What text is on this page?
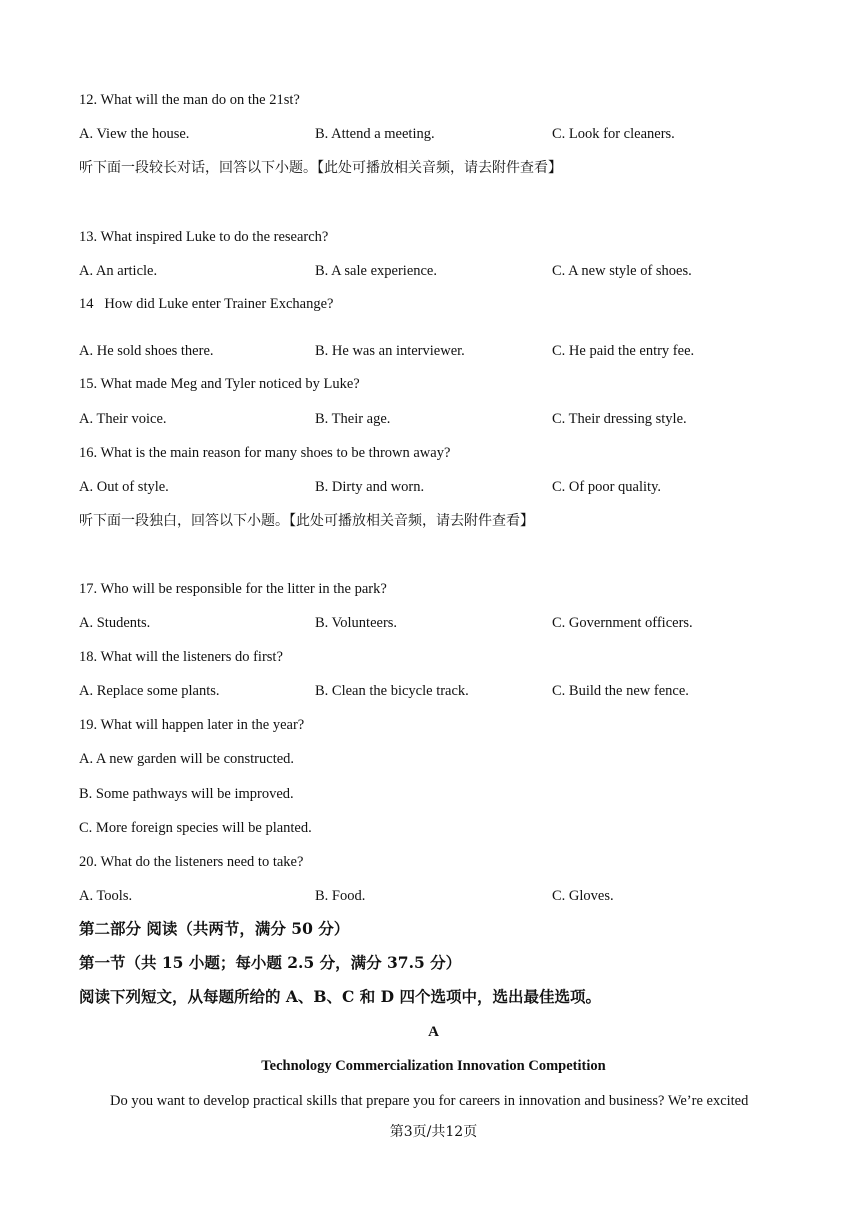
12. What will the man do on the 21st?
A. View the house.	B. Attend a meeting.	C. Look for cleaners.
听下面一段较长对话，回答以下小题。【此处可播放相关音频，请去附件查看】
13. What inspired Luke to do the research?
A. An article.	B. A sale experience.	C. A new style of shoes.
14   How did Luke enter Trainer Exchange?
A. He sold shoes there.	B. He was an interviewer.	C. He paid the entry fee.
15. What made Meg and Tyler noticed by Luke?
A. Their voice.	B. Their age.	C. Their dressing style.
16. What is the main reason for many shoes to be thrown away?
A. Out of style.	B. Dirty and worn.	C. Of poor quality.
听下面一段独白，回答以下小题。【此处可播放相关音频，请去附件查看】
17. Who will be responsible for the litter in the park?
A. Students.	B. Volunteers.	C. Government officers.
18. What will the listeners do first?
A. Replace some plants.	B. Clean the bicycle track.	C. Build the new fence.
19. What will happen later in the year?
A. A new garden will be constructed.
B. Some pathways will be improved.
C. More foreign species will be planted.
20. What do the listeners need to take?
A. Tools.	B. Food.	C. Gloves.
第二部分 阅读（共两节，满分 50 分）
第一节（共 15 小题；每小题 2.5 分，满分 37.5 分）
阅读下列短文，从每题所给的 A、B、C 和 D 四个选项中，选出最佳选项。
A
Technology Commercialization Innovation Competition
Do you want to develop practical skills that prepare you for careers in innovation and business? We’re excited
第3页/共12页
